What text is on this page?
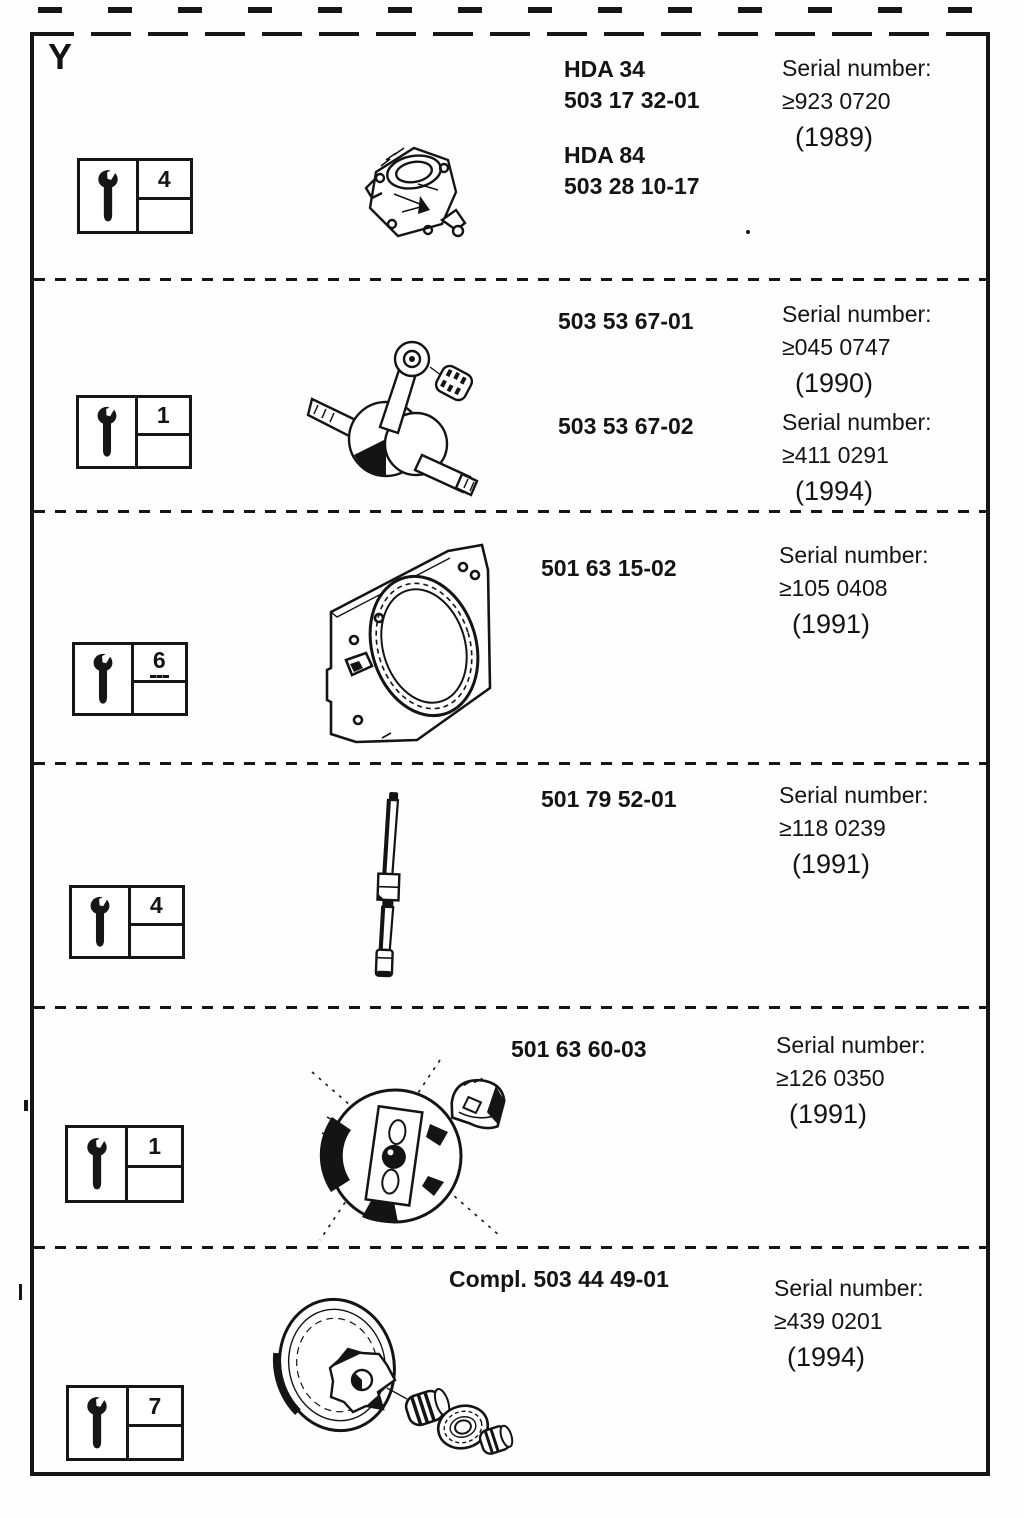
Y
4
HDA 34
503 17 32-01
HDA 84
503 28 10-17
Serial number:
≥923 0720
(1989)
1
503 53 67-01	Serial number:
≥045 0747
(1990)
503 53 67-02	Serial number:
≥411 0291
(1994)
6
501 63 15-02	Serial number:
≥105 0408
(1991)
4
501 79 52-01	Serial number:
≥118 0239
(1991)
1
501 63 60-03	Serial number:
≥126 0350
(1991)
7
Compl. 503 44 49-01	Serial number:
≥439 0201
(1994)
